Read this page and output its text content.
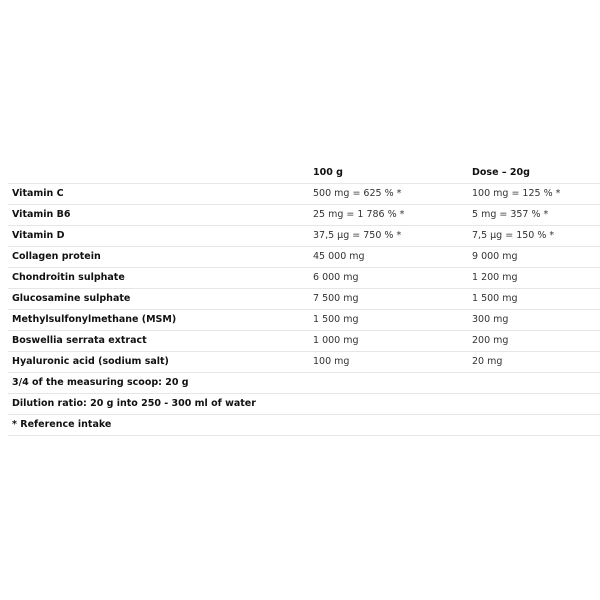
	100 g	Dose – 20g
Vitamin C	500 mg = 625 % *	100 mg = 125 % *
Vitamin B6	25 mg = 1 786 % *	5 mg = 357 % *
Vitamin D	37,5 µg = 750 % *	7,5 µg = 150 % *
Collagen protein	45 000 mg	9 000 mg
Chondroitin sulphate	6 000 mg	1 200 mg
Glucosamine sulphate	7 500 mg	1 500 mg
Methylsulfonylmethane (MSM)	1 500 mg	300 mg
Boswellia serrata extract	1 000 mg	200 mg
Hyaluronic acid (sodium salt)	100 mg	20 mg
3/4 of the measuring scoop: 20 g		
Dilution ratio: 20 g into 250 - 300 ml of water		
* Reference intake		
